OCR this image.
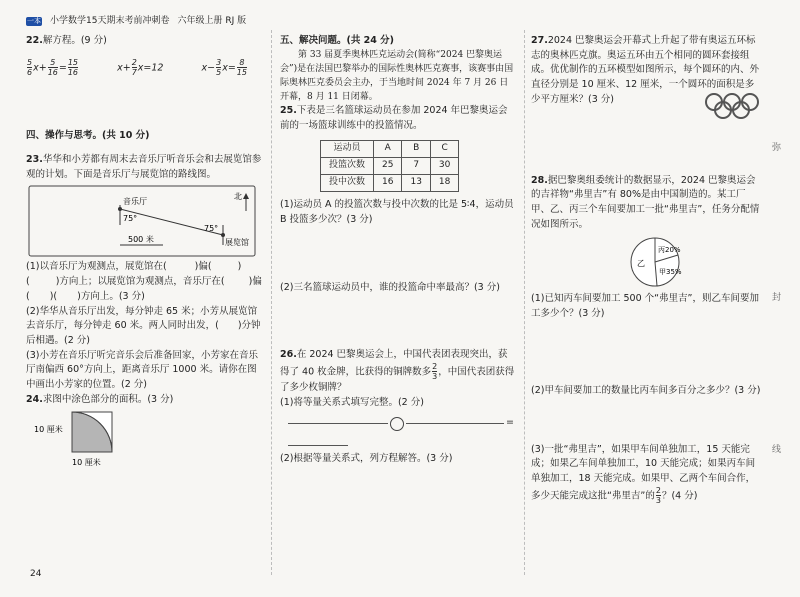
一本 小学数学15天期末考前冲刺卷 六年级上册 RJ 版

22.解方程。(9 分)

$\frac{5}{6} x+ \frac{5}{16} = \frac{15}{16}$	$x+ \frac{2}{7} x=12$	$x- \frac{3}{5} x= \frac{8}{15}$

四、操作与思考。(共 10 分)

23.华华和小芳都有周末去音乐厅听音乐会和去展览馆参观的计划。下面是音乐厅与展览馆的路线图。

北
音乐厅
75°
75°
展览馆
500 米

(1)以音乐厅为观测点，展览馆在(	)偏(	)
(	)方向上；以展览馆为观测点，音乐厅在(	)偏
( )( )方向上。(3 分)

(2)华华从音乐厅出发，每分钟走 65 米；小芳从展览馆去音乐厅，每分钟走 60 米。两人同时出发，(　　)分钟后相遇。(2 分)

(3)小芳在音乐厅听完音乐会后准备回家，小芳家在音乐厅南偏西 60°方向上，距离音乐厅 1000 米。请你在图中画出小芳家的位置。(2 分)

24.求图中涂色部分的面积。(3 分)

10 厘米
10 厘米

五、解决问题。(共 24 分)

第 33 届夏季奥林匹克运动会(简称“2024 巴黎奥运会”)是在法国巴黎举办的国际性奥林匹克赛事，该赛事由国际奥林匹克委员会主办，于当地时间 2024 年 7 月 26 日开幕，8 月 11 日闭幕。

25.下表是三名篮球运动员在参加 2024 年巴黎奥运会前的一场篮球训练中的投篮情况。

运动员	A	B	C
投篮次数	25	7	30
投中次数	16	13	18

(1)运动员 A 的投篮次数与投中次数的比是 5∶4，运动员 B 投篮多少次？(3 分)

(2)三名篮球运动员中，谁的投篮命中率最高？(3 分)

26.在 2024 巴黎奥运会上，中国代表团表现突出，获得了 40 枚金牌，比获得的铜牌数多 $\frac{2}{3}$ ，中国代表团获得了多少枚铜牌？

(1)将等量关系式填写完整。(2 分)

=

(2)根据等量关系式，列方程解答。(3 分)

27.2024 巴黎奥运会开幕式上升起了带有奥运五环标志的奥林匹克旗。奥运五环由五个相同的圆环套接组成。优优制作的五环模型如图所示，每个圆环的内、外直径分别是 10 厘米、12 厘米，一个圆环的面积是多少平方厘米？(3 分)

28.据巴黎奥组委统计的数据显示，2024 巴黎奥运会的吉祥物“弗里吉”有 80%是由中国制造的。某工厂甲、乙、丙三个车间要加工一批“弗里吉”，任务分配情况如图所示。

丙20%
乙
甲35%

(1)已知丙车间要加工 500 个“弗里吉”，则乙车间要加工多少个？(3 分)

(2)甲车间要加工的数量比丙车间多百分之多少？(3 分)

(3)一批“弗里吉”，如果甲车间单独加工，15 天能完成；如果乙车间单独加工，10 天能完成；如果丙车间单独加工，18 天能完成。如果甲、乙两个车间合作，多少天能完成这批“弗里吉”的 $\frac{2}{3}$ ？(4 分)

弥
封
线
24
